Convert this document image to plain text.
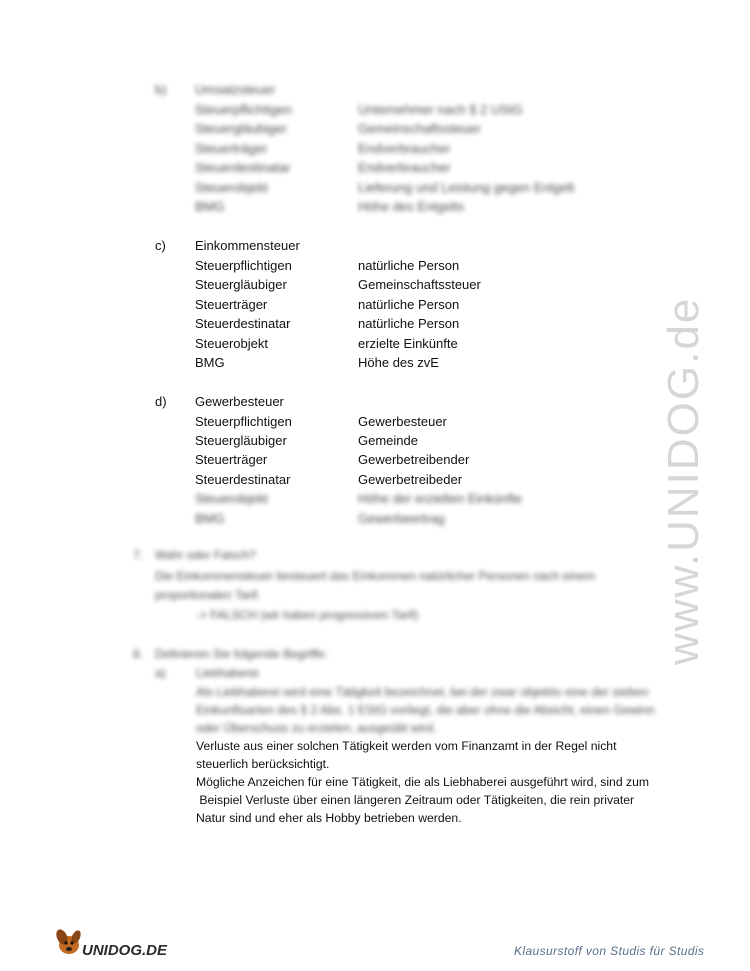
www.UNIDOG.de
b) Umsatzsteuer
Steuerpflichtigen	Unternehmer nach § 2 UStG
Steuergläubiger	Gemeinschaftssteuer
Steuerträger	Endverbraucher
Steuerdestinatar	Endverbraucher
Steuerobjekt	Lieferung und Leistung gegen Entgelt
BMG	Höhe des Entgelts
c) Einkommensteuer
Steuerpflichtigen	natürliche Person
Steuergläubiger	Gemeinschaftssteuer
Steuerträger	natürliche Person
Steuerdestinatar	natürliche Person
Steuerobjekt	erzielte Einkünfte
BMG	Höhe des zvE
d) Gewerbesteuer
Steuerpflichtigen	Gewerbesteuer
Steuergläubiger	Gemeinde
Steuerträger	Gewerbetreibender
Steuerdestinatar	Gewerbetreibeder
Steuerobjekt	Höhe der erzielten Einkünfte
BMG	Gewerbeertrag
7. Wahr oder Falsch?
Die Einkommensteuer besteuert das Einkommen natürlicher Personen nach einem
proportionalen Tarif.
-> FALSCH (wir haben progressiven Tarif)
8. Definieren Sie folgende Begriffe:
a)	Liebhaberei
Als Liebhaberei wird eine Tätigkeit bezeichnet, bei der zwar objektiv eine der sieben
Einkunftsarten des § 2 Abs. 1 EStG vorliegt, die aber ohne die Absicht, einen Gewinn
oder Überschuss zu erzielen, ausgeübt wird.
Verluste aus einer solchen Tätigkeit werden vom Finanzamt in der Regel nicht
steuerlich berücksichtigt.
Mögliche Anzeichen für eine Tätigkeit, die als Liebhaberei ausgeführt wird, sind zum
Beispiel Verluste über einen längeren Zeitraum oder Tätigkeiten, die rein privater
Natur sind und eher als Hobby betrieben werden.
UNIDOG.DE	Klausurstoff von Studis für Studis
